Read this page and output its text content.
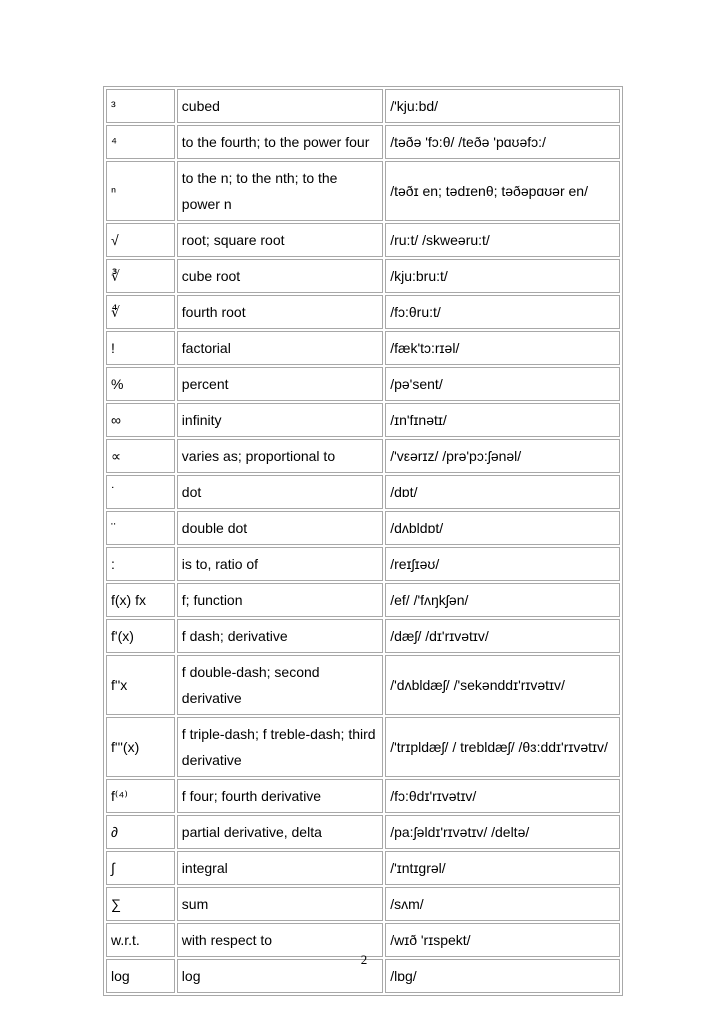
³	cubed	/'kju:bd/
⁴	to the fourth; to the power four	/təðə 'fɔ:θ/ /teðə 'pɑʊəfɔ:/
ⁿ	to the n; to the nth; to the power n	/təðɪ en; tədɪenθ; təðəpɑʊər en/
√	root; square root	/ru:t/ /skweəru:t/
∛	cube root	/kju:bru:t/
∜	fourth root	/fɔ:θru:t/
!	factorial	/fæk'tɔ:rɪəl/
%	percent	/pə'sent/
∞	infinity	/ɪn'fɪnətɪ/
∝	varies as; proportional to	/'vεərɪz/ /prə'pɔ:ʃənəl/
˙	dot	/dɒt/
¨	double dot	/dʌbldɒt/
:	is to, ratio of	/reɪʃɪəʊ/
f(x) fx	f; function	/ef/ /'fʌŋkʃən/
f'(x)	f dash; derivative	/dæʃ/ /dɪ'rɪvətɪv/
f''x	f double-dash; second derivative	/'dʌbldæʃ/ /'sekənddɪ'rɪvətɪv/
f'''(x)	f triple-dash; f treble-dash; third derivative	/'trɪpldæʃ/ / trebldæʃ/ /θɜ:ddɪ'rɪvətɪv/
f⁽⁴⁾	f four; fourth derivative	/fɔ:θdɪ'rɪvətɪv/
∂	partial derivative, delta	/pa:ʃəldɪ'rɪvətɪv/ /deltə/
∫	integral	/'ɪntɪgrəl/
∑	sum	/sʌm/
w.r.t.	with respect to	/wɪð 'rɪspekt/
log	log	/lɒg/
2
